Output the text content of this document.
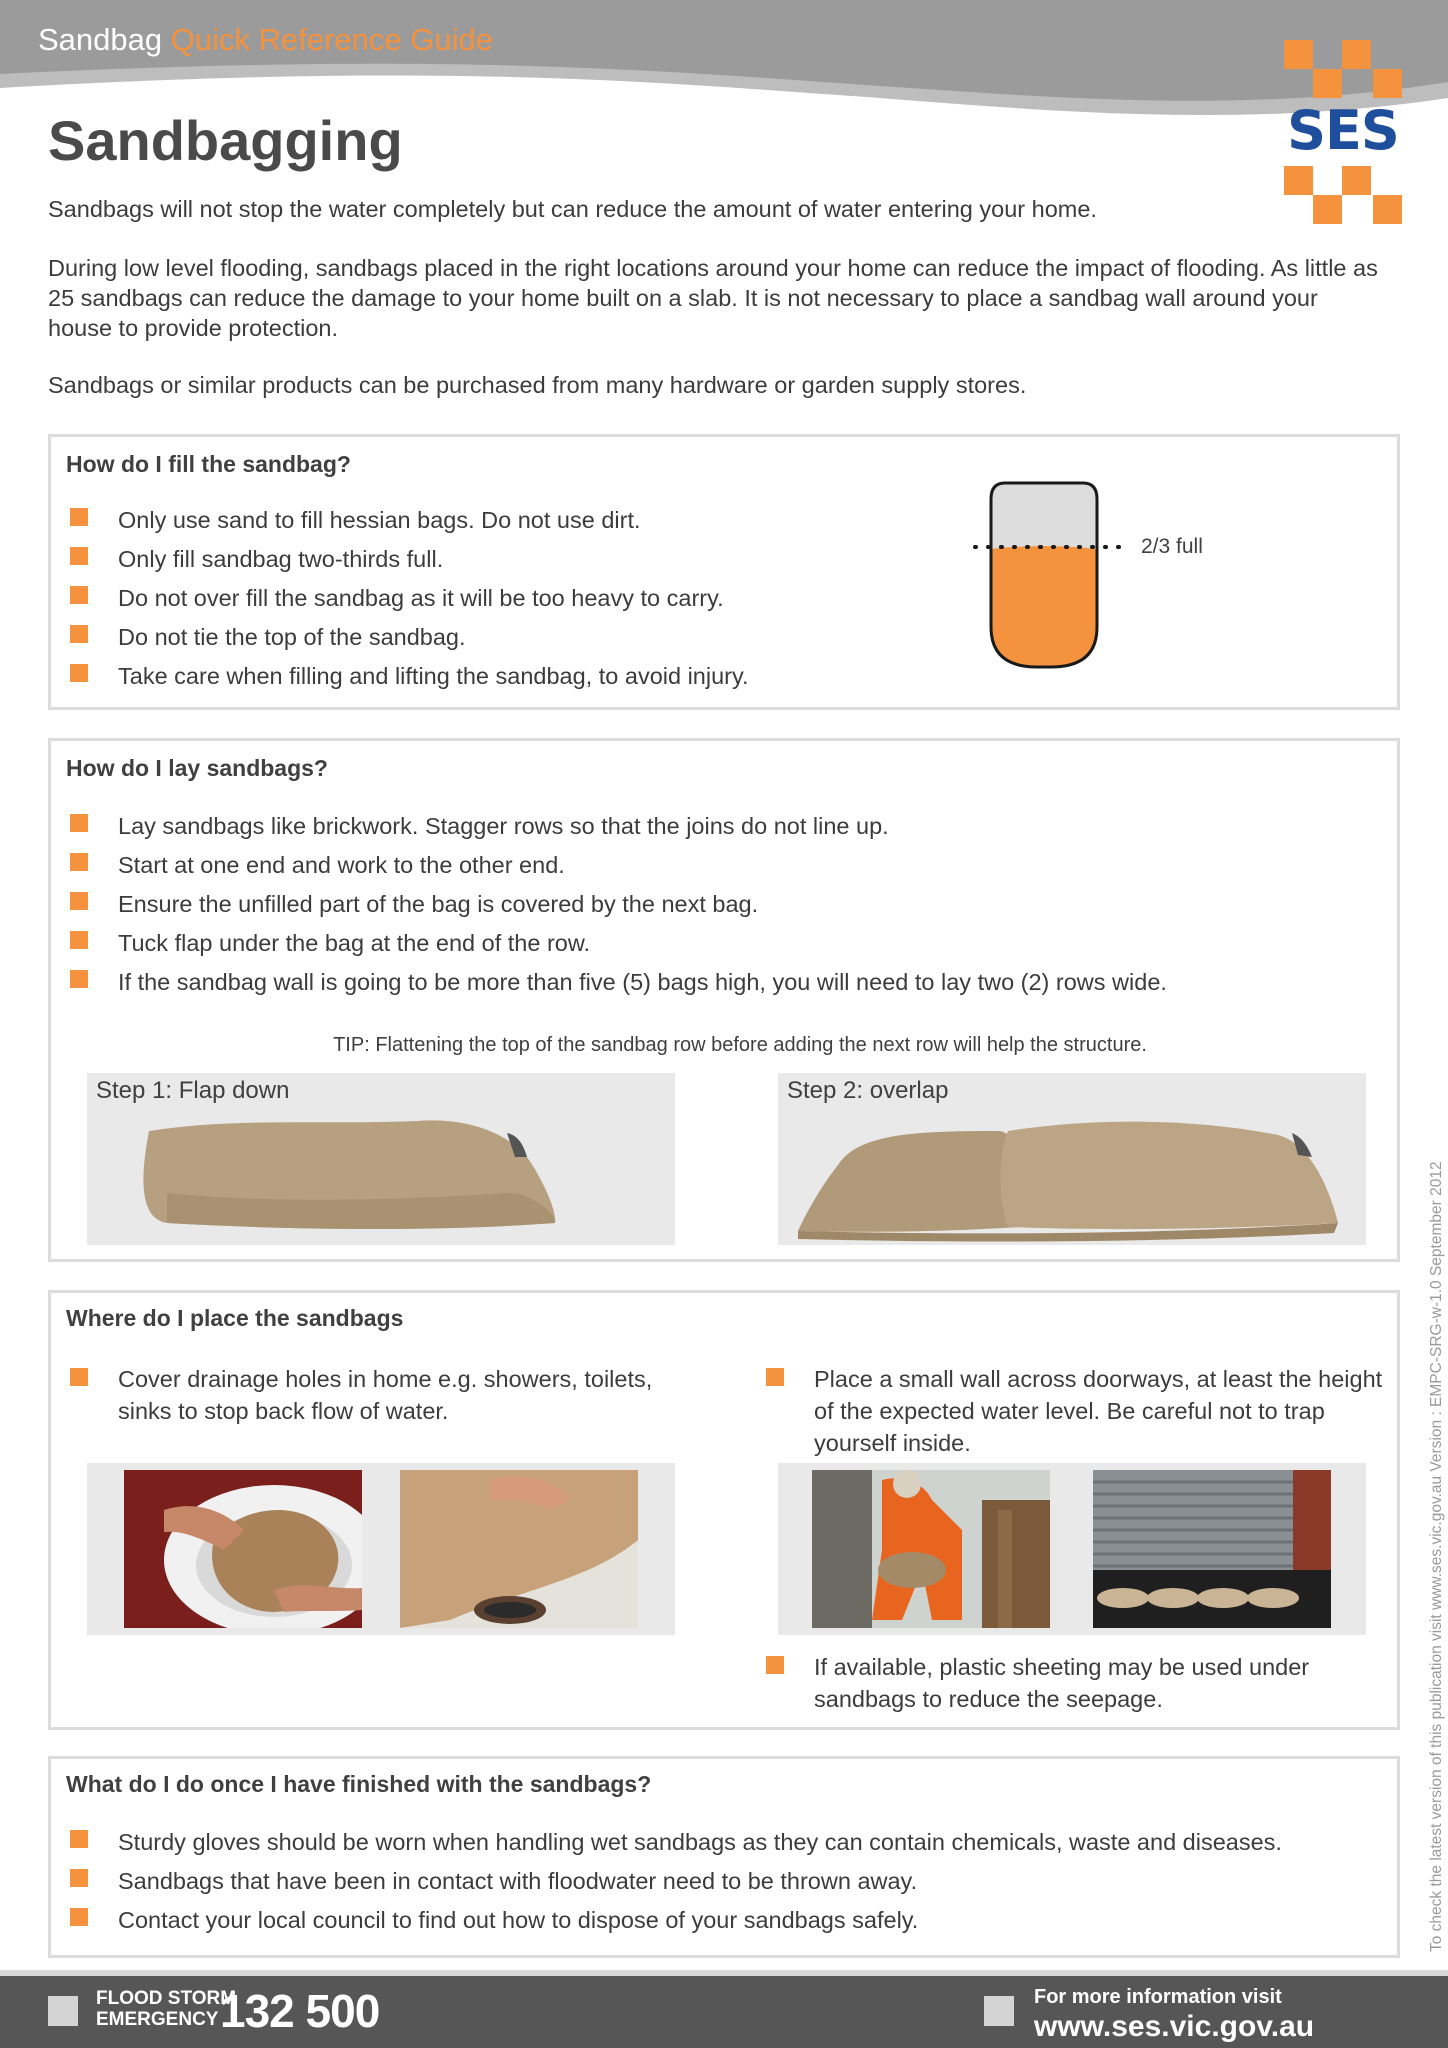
Sandbag Quick Reference Guide
SES
Sandbagging
Sandbags will not stop the water completely but can reduce the amount of water entering your home.
During low level flooding, sandbags placed in the right locations around your home can reduce the impact of flooding. As little as 25 sandbags can reduce the damage to your home built on a slab. It is not necessary to place a sandbag wall around your house to provide protection.
Sandbags or similar products can be purchased from many hardware or garden supply stores.
How do I fill the sandbag?
Only use sand to fill hessian bags. Do not use dirt.
Only fill sandbag two-thirds full.
Do not over fill the sandbag as it will be too heavy to carry.
Do not tie the top of the sandbag.
Take care when filling and lifting the sandbag, to avoid injury.
2/3 full
How do I lay sandbags?
Lay sandbags like brickwork. Stagger rows so that the joins do not line up.
Start at one end and work to the other end.
Ensure the unfilled part of the bag is covered by the next bag.
Tuck flap under the bag at the end of the row.
If the sandbag wall is going to be more than five (5) bags high, you will need to lay two (2) rows wide.
Step 1: Flap down	Step 2: overlap
TIP: Flattening the top of the sandbag row before adding the next row will help the structure.
Where do I place the sandbags
Cover drainage holes in home e.g. showers, toilets, sinks to stop back flow of water.
Place a small wall across doorways, at least the height of the expected water level. Be careful not to trap yourself inside.
If available, plastic sheeting may be used under sandbags to reduce the seepage.
What do I do once I have finished with the sandbags?
Sturdy gloves should be worn when handling wet sandbags as they can contain chemicals, waste and diseases.
Sandbags that have been in contact with floodwater need to be thrown away.
Contact your local council to find out how to dispose of your sandbags safely.	To check the latest version of this publication visit www.ses.vic.gov.au Version : EMPC-SRG-w-1.0 September 2012
FLOOD STORM
EMERGENCY 132 500	For more information visit
www.ses.vic.gov.au
